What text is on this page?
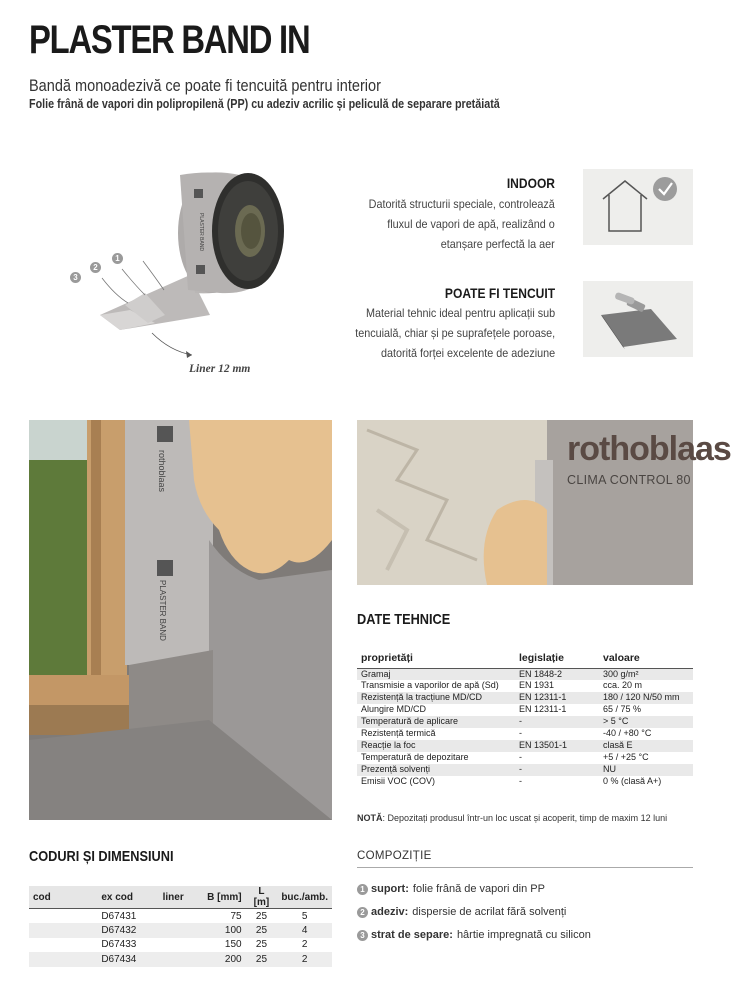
PLASTER BAND IN
Bandă monoadezivă ce poate fi tencuită pentru interior
Folie frână de vapori din polipropilenă (PP) cu adeziv acrilic și peliculă de separare pretăiată
PLASTER BAND
3
2
1
Liner 12 mm
INDOOR
Datorită structurii speciale, controlează
fluxul de vapori de apă, realizând o
etanșare perfectă la aer
POATE FI TENCUIT
Material tehnic ideal pentru aplicații sub
tencuială, chiar și pe suprafețele poroase,
datorită forței excelente de adeziune
rothoblaas
PLASTER BAND
rothoblaas
CLIMA CONTROL 80
DATE TEHNICE
proprietăți	legislație	valoare
Gramaj	EN 1848-2	300 g/m²
Transmisie a vaporilor de apă (Sd)	EN 1931	cca. 20 m
Rezistență la tracțiune MD/CD	EN 12311-1	180 / 120 N/50 mm
Alungire MD/CD	EN 12311-1	65 / 75 %
Temperatură de aplicare	-	> 5 °C
Rezistență termică	-	-40 / +80 °C
Reacție la foc	EN 13501-1	clasă E
Temperatură de depozitare	-	+5 / +25 °C
Prezență solvenți	-	NU
Emisii VOC (COV)	-	0 % (clasă A+)
NOTĂ: Depozitați produsul într-un loc uscat și acoperit, timp de maxim 12 luni
CODURI ȘI DIMENSIUNI
cod	ex cod	liner	B [mm]	L [m]	buc./amb.
	D67431		75	25	5
	D67432		100	25	4
	D67433		150	25	2
	D67434		200	25	2
COMPOZIȚIE
1 suport: folie frână de vapori din PP
2 adeziv: dispersie de acrilat fără solvenți
3 strat de separe: hârtie impregnată cu silicon
